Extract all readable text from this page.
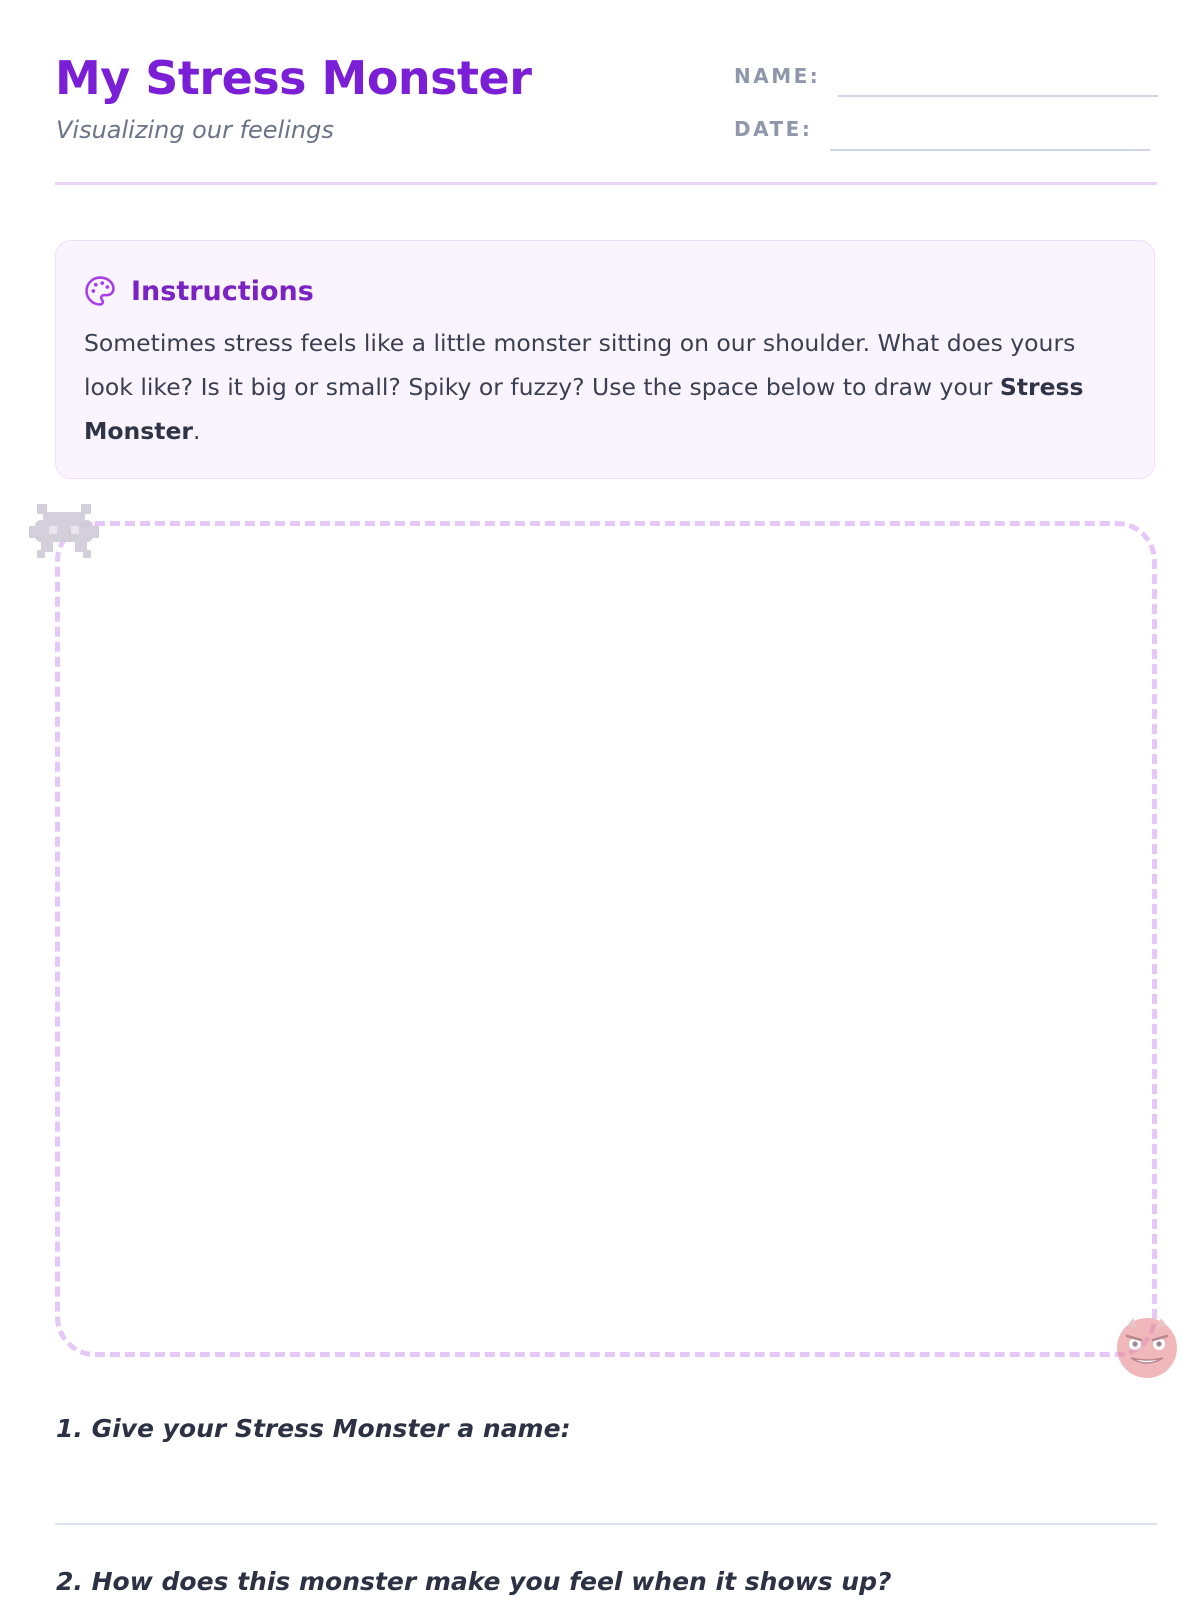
My Stress Monster

Visualizing our feelings

NAME:
DATE:
Instructions

Sometimes stress feels like a little monster sitting on our shoulder. What does yours look like? Is it big or small? Spiky or fuzzy? Use the space below to draw your Stress Monster.

1. Give your Stress Monster a name:

2. How does this monster make you feel when it shows up?
